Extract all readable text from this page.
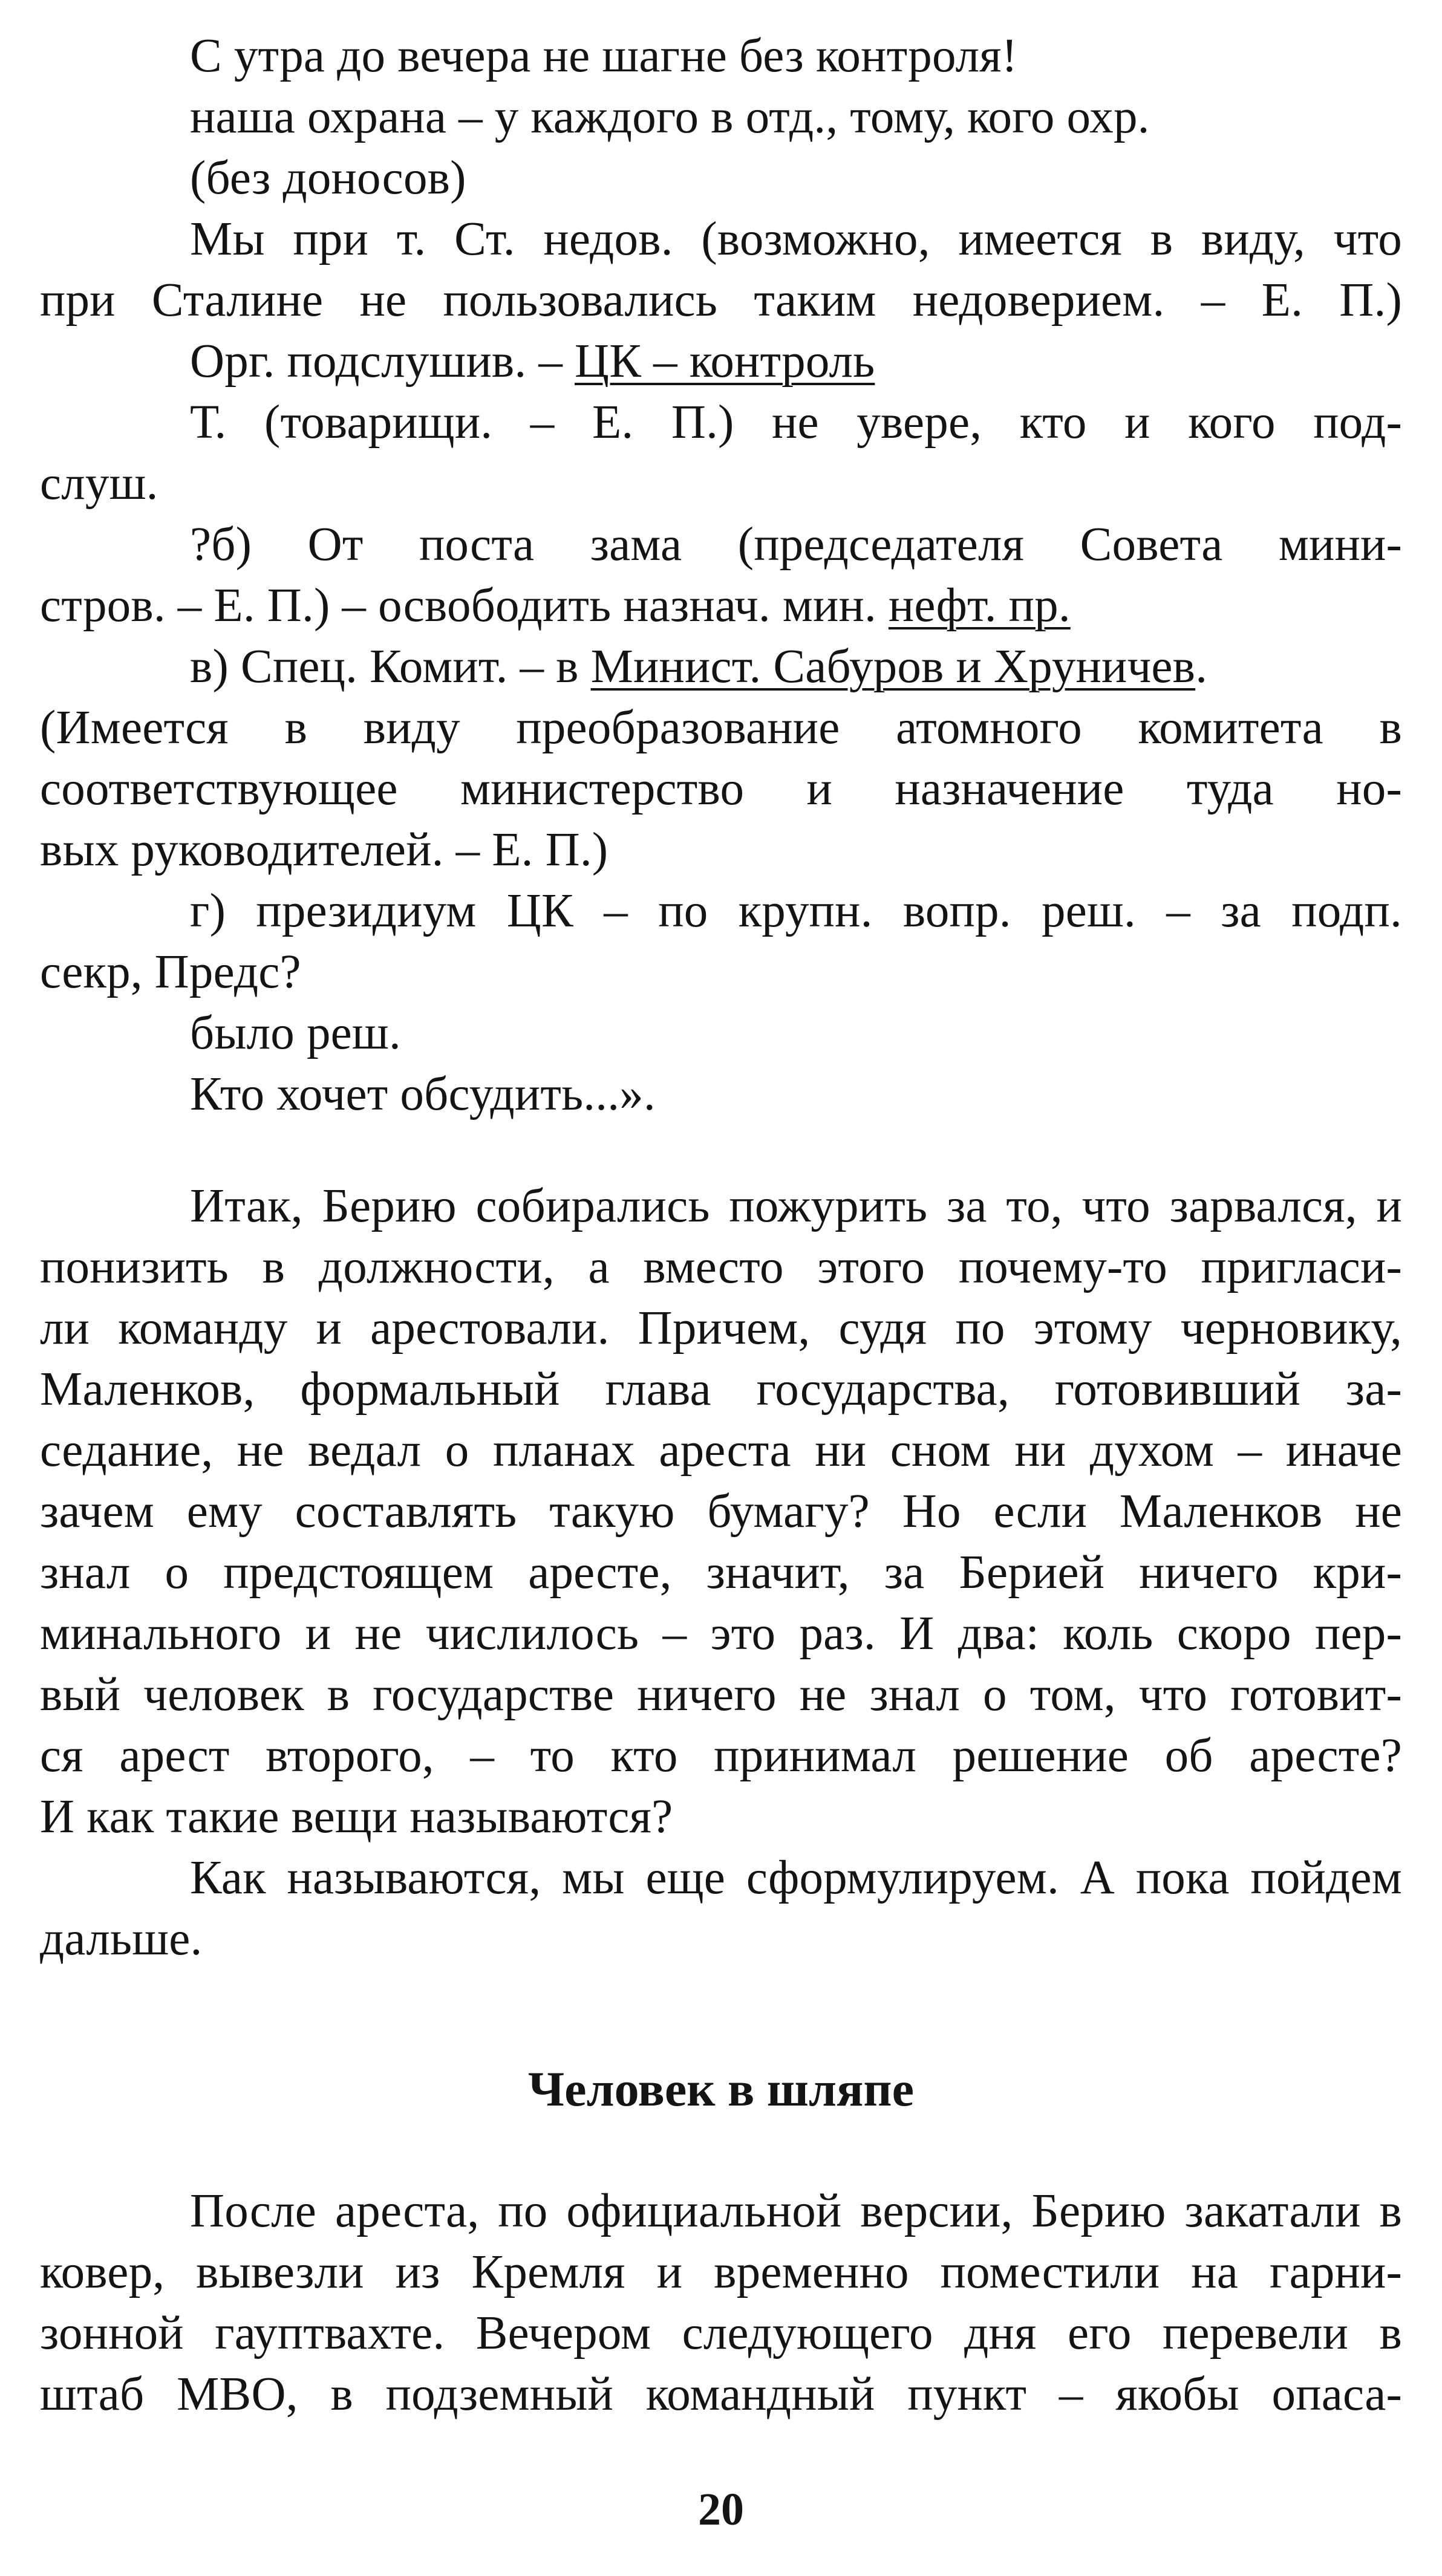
С утра до вечера не шагне без контроля!
наша охрана – у каждого в отд., тому, кого охр.
(без доносов)
Мы при т. Ст. недов. (возможно, имеется в виду, что
при Сталине не пользовались таким недоверием. – Е. П.)
Орг. подслушив. – ЦК – контроль
Т. (товарищи. – Е. П.) не увере, кто и кого под-
слуш.
?б) От поста зама (председателя Совета мини-
стров. – Е. П.) – освободить назнач. мин. нефт. пр.
в) Спец. Комит. – в Минист. Сабуров и Хруничев.
(Имеется в виду преобразование атомного комитета в
соответствующее министерство и назначение туда но-
вых руководителей. – Е. П.)
г) президиум ЦК – по крупн. вопр. реш. – за подп.
секр, Предс?
было реш.
Кто хочет обсудить...».
Итак, Берию собирались пожурить за то, что зарвался, и
понизить в должности, а вместо этого почему-то пригласи-
ли команду и арестовали. Причем, судя по этому черновику,
Маленков, формальный глава государства, готовивший за-
седание, не ведал о планах ареста ни сном ни духом – иначе
зачем ему составлять такую бумагу? Но если Маленков не
знал о предстоящем аресте, значит, за Берией ничего кри-
минального и не числилось – это раз. И два: коль скоро пер-
вый человек в государстве ничего не знал о том, что готовит-
ся арест второго, – то кто принимал решение об аресте?
И как такие вещи называются?
Как называются, мы еще сформулируем. А пока пойдем
дальше.
Человек в шляпе
После ареста, по официальной версии, Берию закатали в
ковер, вывезли из Кремля и временно поместили на гарни-
зонной гауптвахте. Вечером следующего дня его перевели в
штаб МВО, в подземный командный пункт – якобы опаса-
20
